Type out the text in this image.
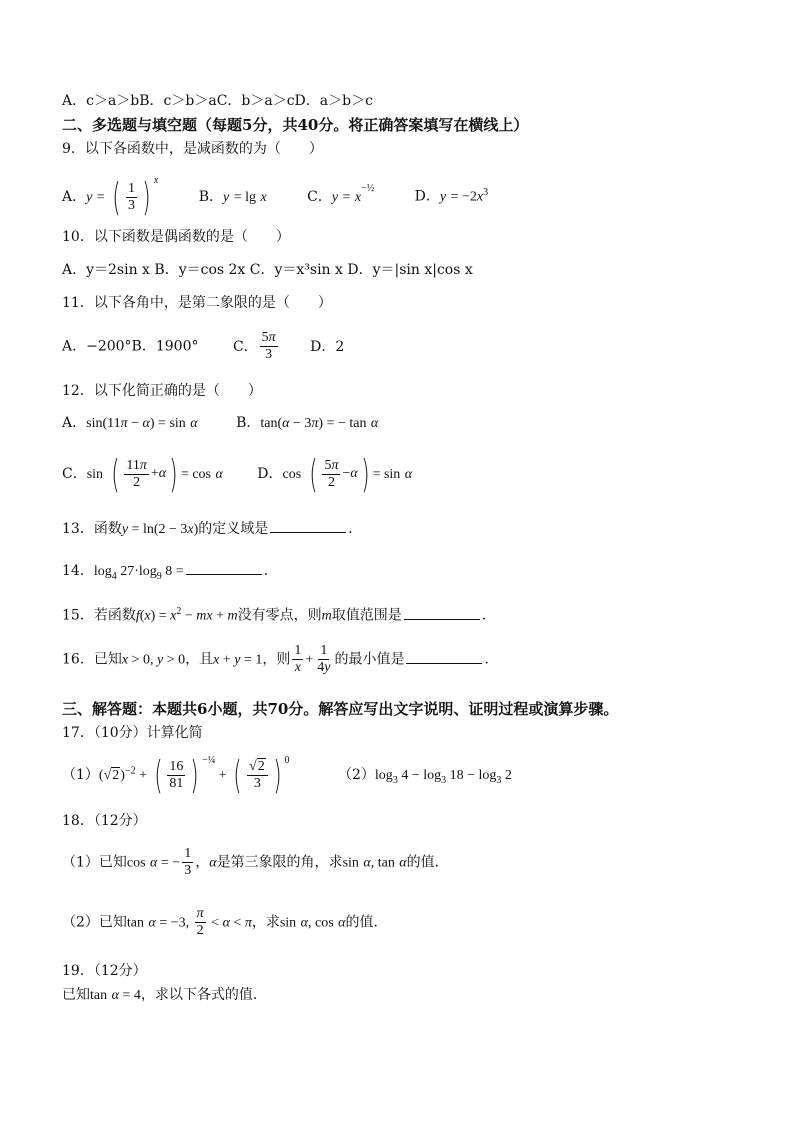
A．c＞a＞bB．c＞b＞aC．b＞a＞cD．a＞b＞c
二、多选题与填空题（每题5分，共40分。将正确答案填写在横线上）
9．以下各函数中，是减函数的为（　　）
A．y = ( $\frac{1}{3}$ ) $^x$ B．y = lg x	C．$y = x^{-\frac{1}{2}}$ D．$y = -2x^3$
10．以下函数是偶函数的是（　　）
A．y＝2sin x B．y＝cos 2x C．y＝x³sin x D．y＝|sin x|cos x
11．以下各角中，是第二象限的是（　　）
A．−200°B．1900° C． $\frac{5\pi}{3}$ D．2
12．以下化简正确的是（　　）
A．sin(11π − α) = sin α	B．tan(α − 3π) = − tan α
C．sin ( $\frac{11\pi}{2} + \alpha$ ) = cos α D．cos ( $\frac{5\pi}{2} - \alpha$ ) = sin α
13．函数y = ln(2 − 3x)的定义域是	．
14．$\log_4 27\cdot\log_9$ 8 =	．
15．若函数$f(x) = x^2$ − mx + m没有零点，则m取值范围是	．
16．已知x > 0, y > 0，且x + y = 1，则 $\frac{1}{x} + \frac{1}{4y}$ 的最小值是	．
三、解答题：本题共6小题，共70分。解答应写出文字说明、证明过程或演算步骤。
17．（10分）计算化简
$(1)(√2)^{-2}$ + ( $\frac{16}{81}$ ) $^{-\frac{1}{4}}$ + ( $\frac{√2}{3}$ ) $^0$ $(2)\log_3$ $4 - \log_3 18 - \log_3 2$
18．（12分）
（1）已知cos α = − $\frac{1}{3}$ ，α是第三象限的角，求sin α, tan α的值．
（2）已知tan α = −3, $\frac{\pi}{2} < \alpha < \pi$，求sin α, cos α的值．
19．（12分）
已知tan α = 4，求以下各式的值．
